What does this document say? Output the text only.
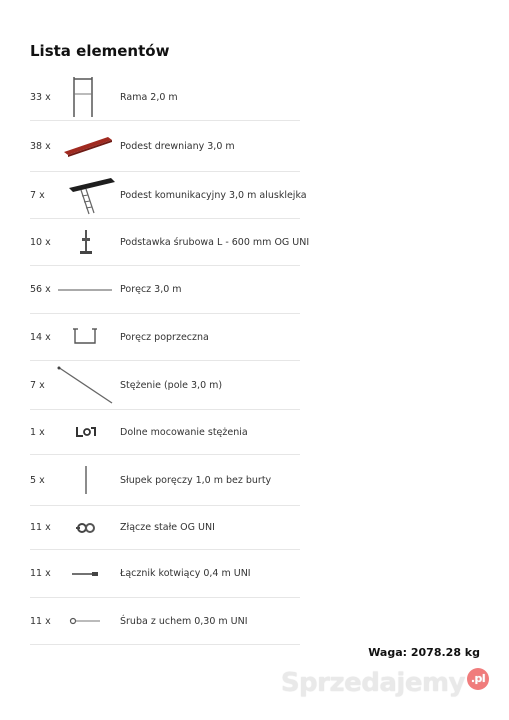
Lista elementów
33 x	Rama 2,0 m
38 x	Podest drewniany 3,0 m
7 x	Podest komunikacyjny 3,0 m alusklejka
10 x	Podstawka śrubowa L - 600 mm OG UNI
56 x	Poręcz 3,0 m
14 x	Poręcz poprzeczna
7 x	Stężenie (pole 3,0 m)
1 x	Dolne mocowanie stężenia
5 x	Słupek poręczy 1,0 m bez burty
11 x	Złącze stałe OG UNI
11 x	Łącznik kotwiący 0,4 m UNI
11 x	Śruba z uchem 0,30 m UNI
Waga: 2078.28 kg
Sprzedajemy .pl
